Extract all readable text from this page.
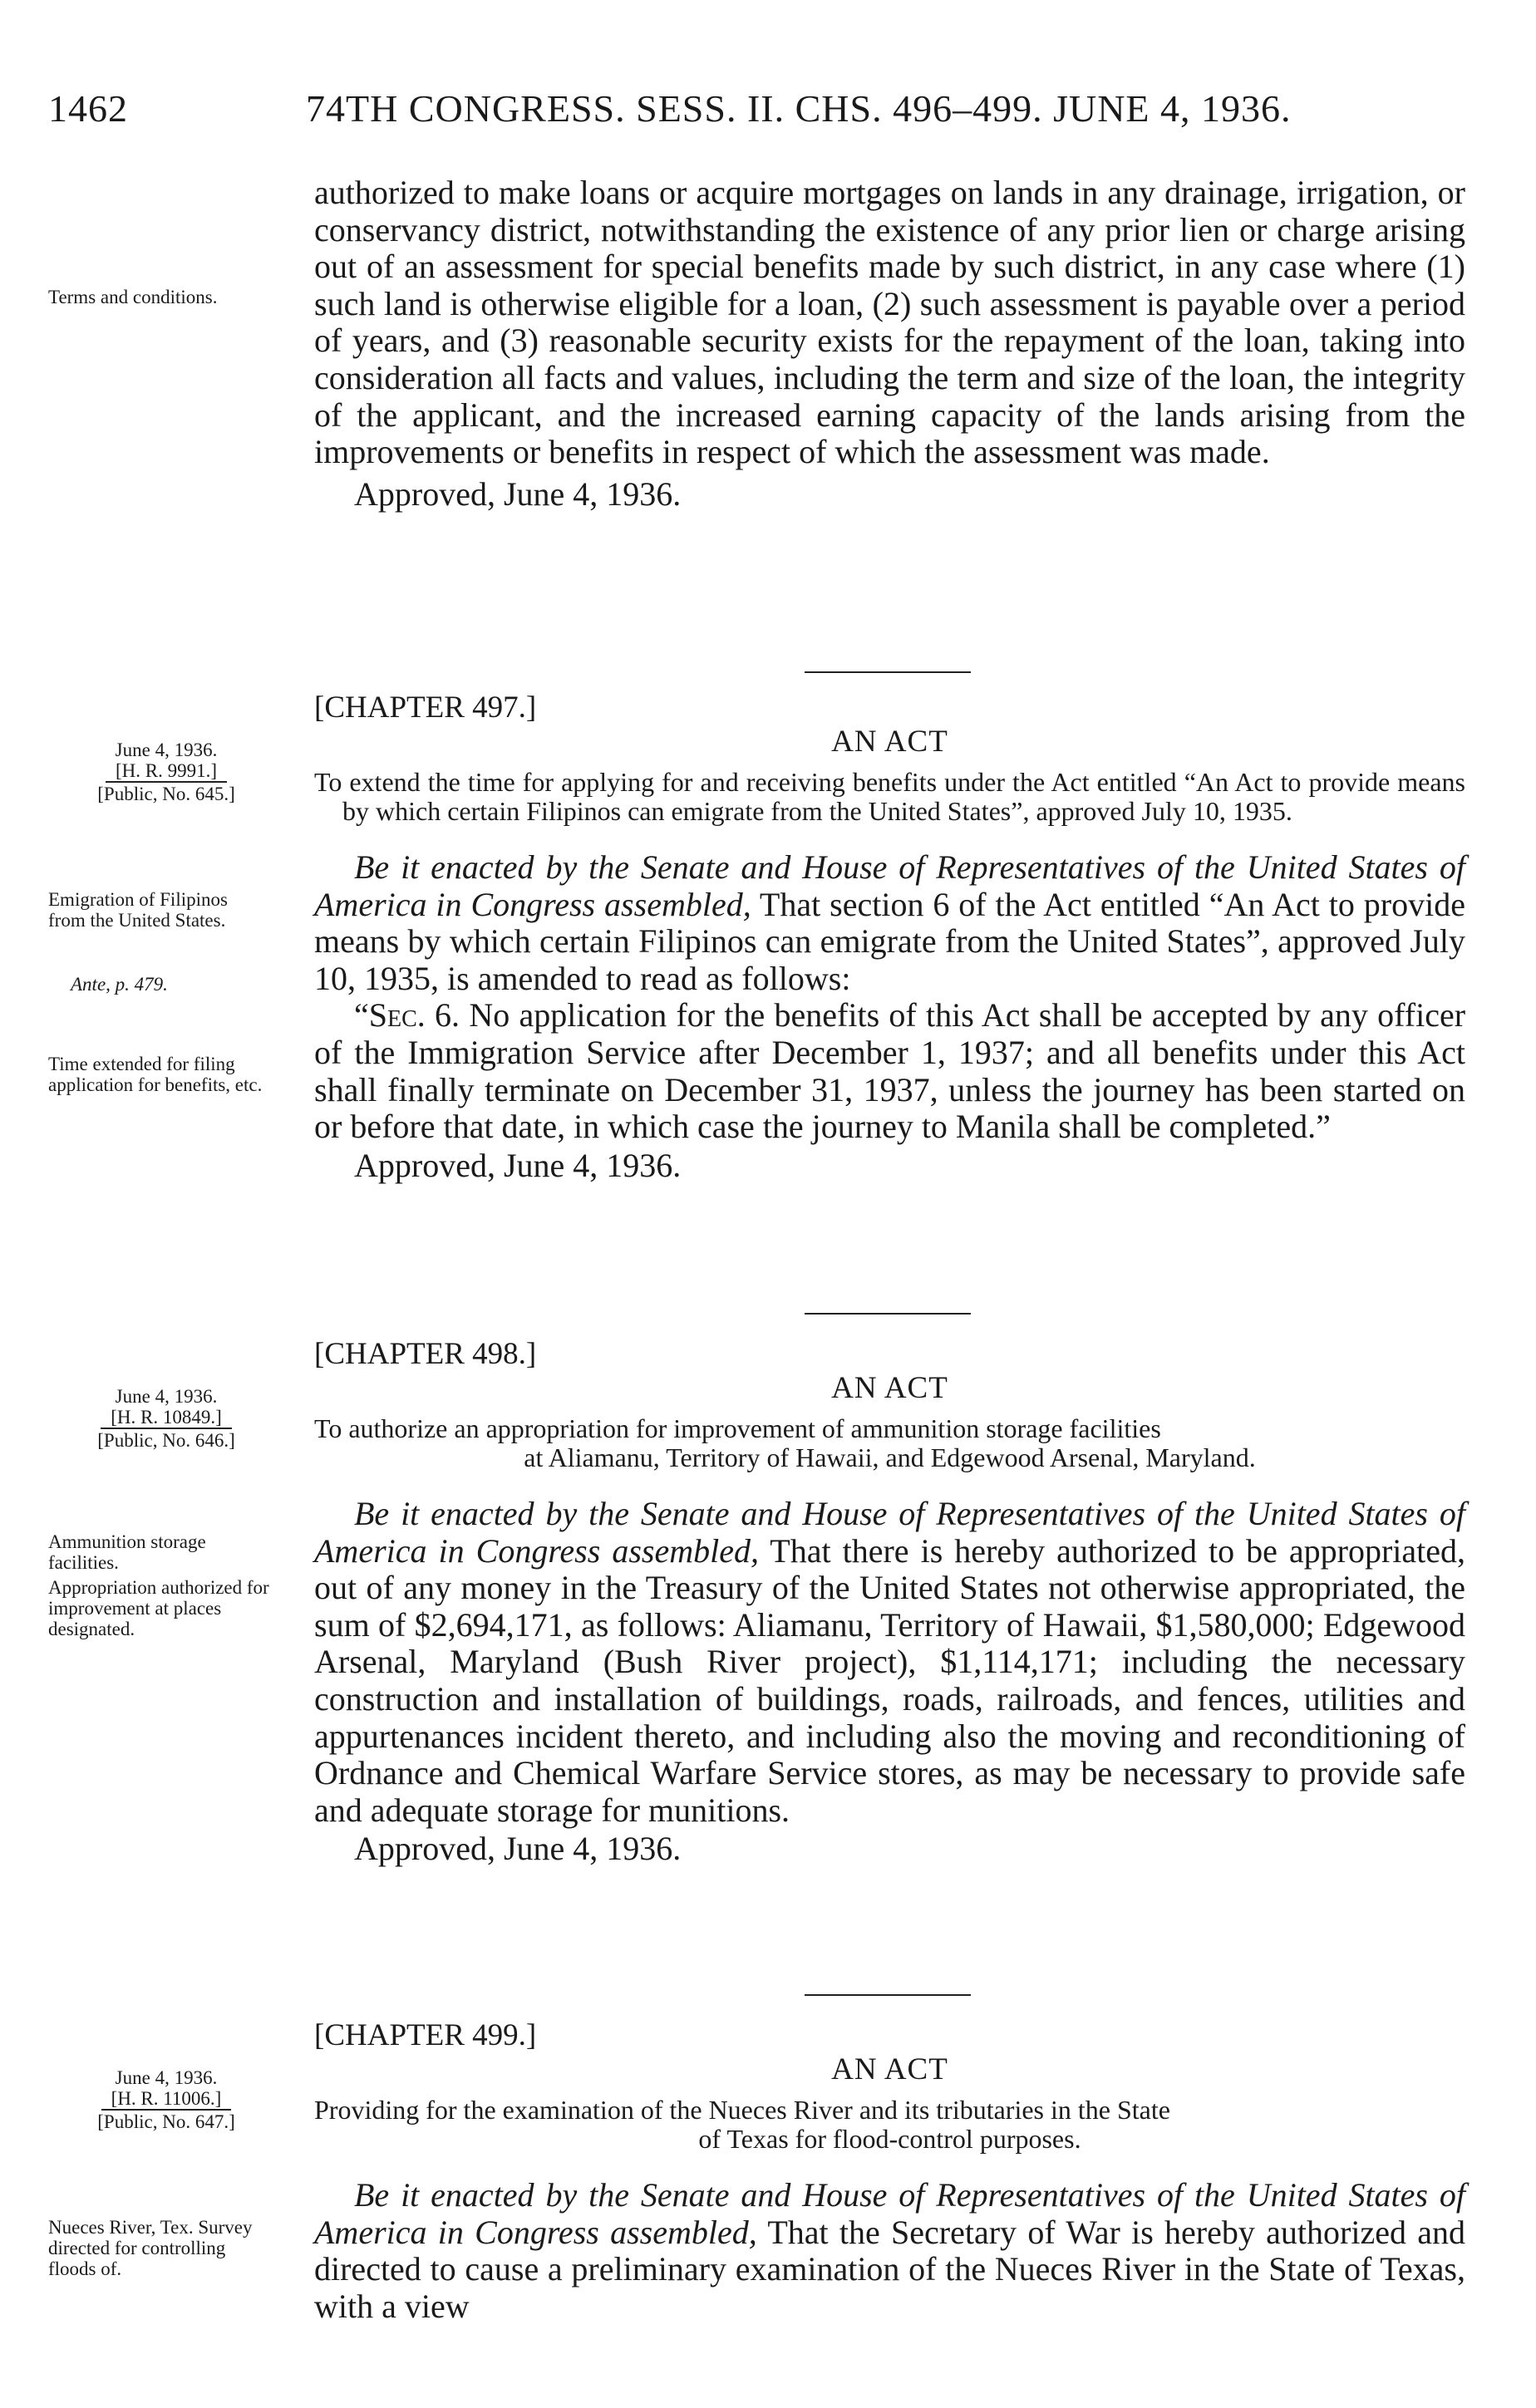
1462	74TH CONGRESS. SESS. II. CHS. 496–499. JUNE 4, 1936.

authorized to make loans or acquire mortgages on lands in any drainage, irrigation, or conservancy district, notwithstanding the existence of any prior lien or charge arising out of an assessment for special benefits made by such district, in any case where (1) such land is otherwise eligible for a loan, (2) such assessment is payable over a period of years, and (3) reasonable security exists for the repayment of the loan, taking into consideration all facts and values, including the term and size of the loan, the integrity of the applicant, and the increased earning capacity of the lands arising from the improvements or benefits in respect of which the assessment was made.

Approved, June 4, 1936.

Terms and conditions.

[CHAPTER 497.]

AN ACT

To extend the time for applying for and receiving benefits under the Act entitled “An Act to provide means by which certain Filipinos can emigrate from the United States”, approved July 10, 1935.

Be it enacted by the Senate and House of Representatives of the United States of America in Congress assembled, That section 6 of the Act entitled “An Act to provide means by which certain Filipinos can emigrate from the United States”, approved July 10, 1935, is amended to read as follows:

“Sec. 6. No application for the benefits of this Act shall be accepted by any officer of the Immigration Service after December 1, 1937; and all benefits under this Act shall finally terminate on December 31, 1937, unless the journey has been started on or before that date, in which case the journey to Manila shall be completed.”

Approved, June 4, 1936.

June 4, 1936.
[H. R. 9991.]
[Public, No. 645.]
Emigration of Filipinos from the United States.
Ante, p. 479.
Time extended for filing application for benefits, etc.

[CHAPTER 498.]

AN ACT

To authorize an appropriation for improvement of ammunition storage facilities
at Aliamanu, Territory of Hawaii, and Edgewood Arsenal, Maryland.

Be it enacted by the Senate and House of Representatives of the United States of America in Congress assembled, That there is hereby authorized to be appropriated, out of any money in the Treasury of the United States not otherwise appropriated, the sum of $2,694,171, as follows: Aliamanu, Territory of Hawaii, $1,580,000; Edgewood Arsenal, Maryland (Bush River project), $1,114,171; including the necessary construction and installation of buildings, roads, railroads, and fences, utilities and appurtenances incident thereto, and including also the moving and reconditioning of Ordnance and Chemical Warfare Service stores, as may be necessary to provide safe and adequate storage for munitions.

Approved, June 4, 1936.

June 4, 1936.
[H. R. 10849.]
[Public, No. 646.]
Ammunition storage facilities.
Appropriation authorized for improvement at places designated.

[CHAPTER 499.]

AN ACT

Providing for the examination of the Nueces River and its tributaries in the State
of Texas for flood-control purposes.

Be it enacted by the Senate and House of Representatives of the United States of America in Congress assembled, That the Secretary of War is hereby authorized and directed to cause a preliminary examination of the Nueces River in the State of Texas, with a view

June 4, 1936.
[H. R. 11006.]
[Public, No. 647.]
Nueces River, Tex. Survey directed for controlling floods of.
